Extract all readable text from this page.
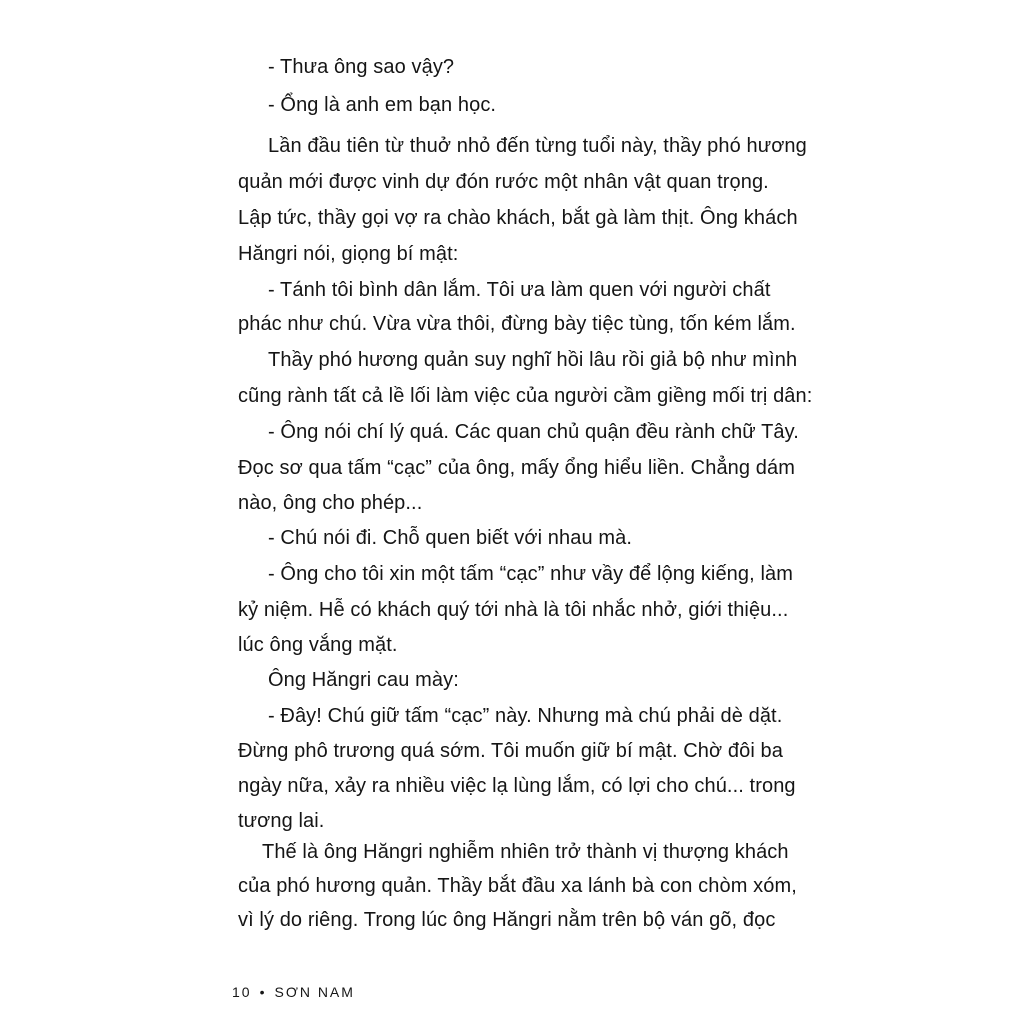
- Thưa ông sao vậy?
- Ổng là anh em bạn học.
Lần đầu tiên từ thuở nhỏ đến từng tuổi này, thầy phó hương
quản mới được vinh dự đón rước một nhân vật quan trọng.
Lập tức, thầy gọi vợ ra chào khách, bắt gà làm thịt. Ông khách
Hăngri nói, giọng bí mật:
- Tánh tôi bình dân lắm. Tôi ưa làm quen với người chất
phác như chú. Vừa vừa thôi, đừng bày tiệc tùng, tốn kém lắm.
Thầy phó hương quản suy nghĩ hồi lâu rồi giả bộ như mình
cũng rành tất cả lề lối làm việc của người cầm giềng mối trị dân:
- Ông nói chí lý quá. Các quan chủ quận đều rành chữ Tây.
Đọc sơ qua tấm “cạc” của ông, mấy ổng hiểu liền. Chẳng dám
nào, ông cho phép...
- Chú nói đi. Chỗ quen biết với nhau mà.
- Ông cho tôi xin một tấm “cạc” như vầy để lộng kiếng, làm
kỷ niệm. Hễ có khách quý tới nhà là tôi nhắc nhở, giới thiệu...
lúc ông vắng mặt.
Ông Hăngri cau mày:
- Đây! Chú giữ tấm “cạc” này. Nhưng mà chú phải dè dặt.
Đừng phô trương quá sớm. Tôi muốn giữ bí mật. Chờ đôi ba
ngày nữa, xảy ra nhiều việc lạ lùng lắm, có lợi cho chú... trong
tương lai.
Thế là ông Hăngri nghiễm nhiên trở thành vị thượng khách
của phó hương quản. Thầy bắt đầu xa lánh bà con chòm xóm,
vì lý do riêng. Trong lúc ông Hăngri nằm trên bộ ván gõ, đọc
10 • SƠN NAM
